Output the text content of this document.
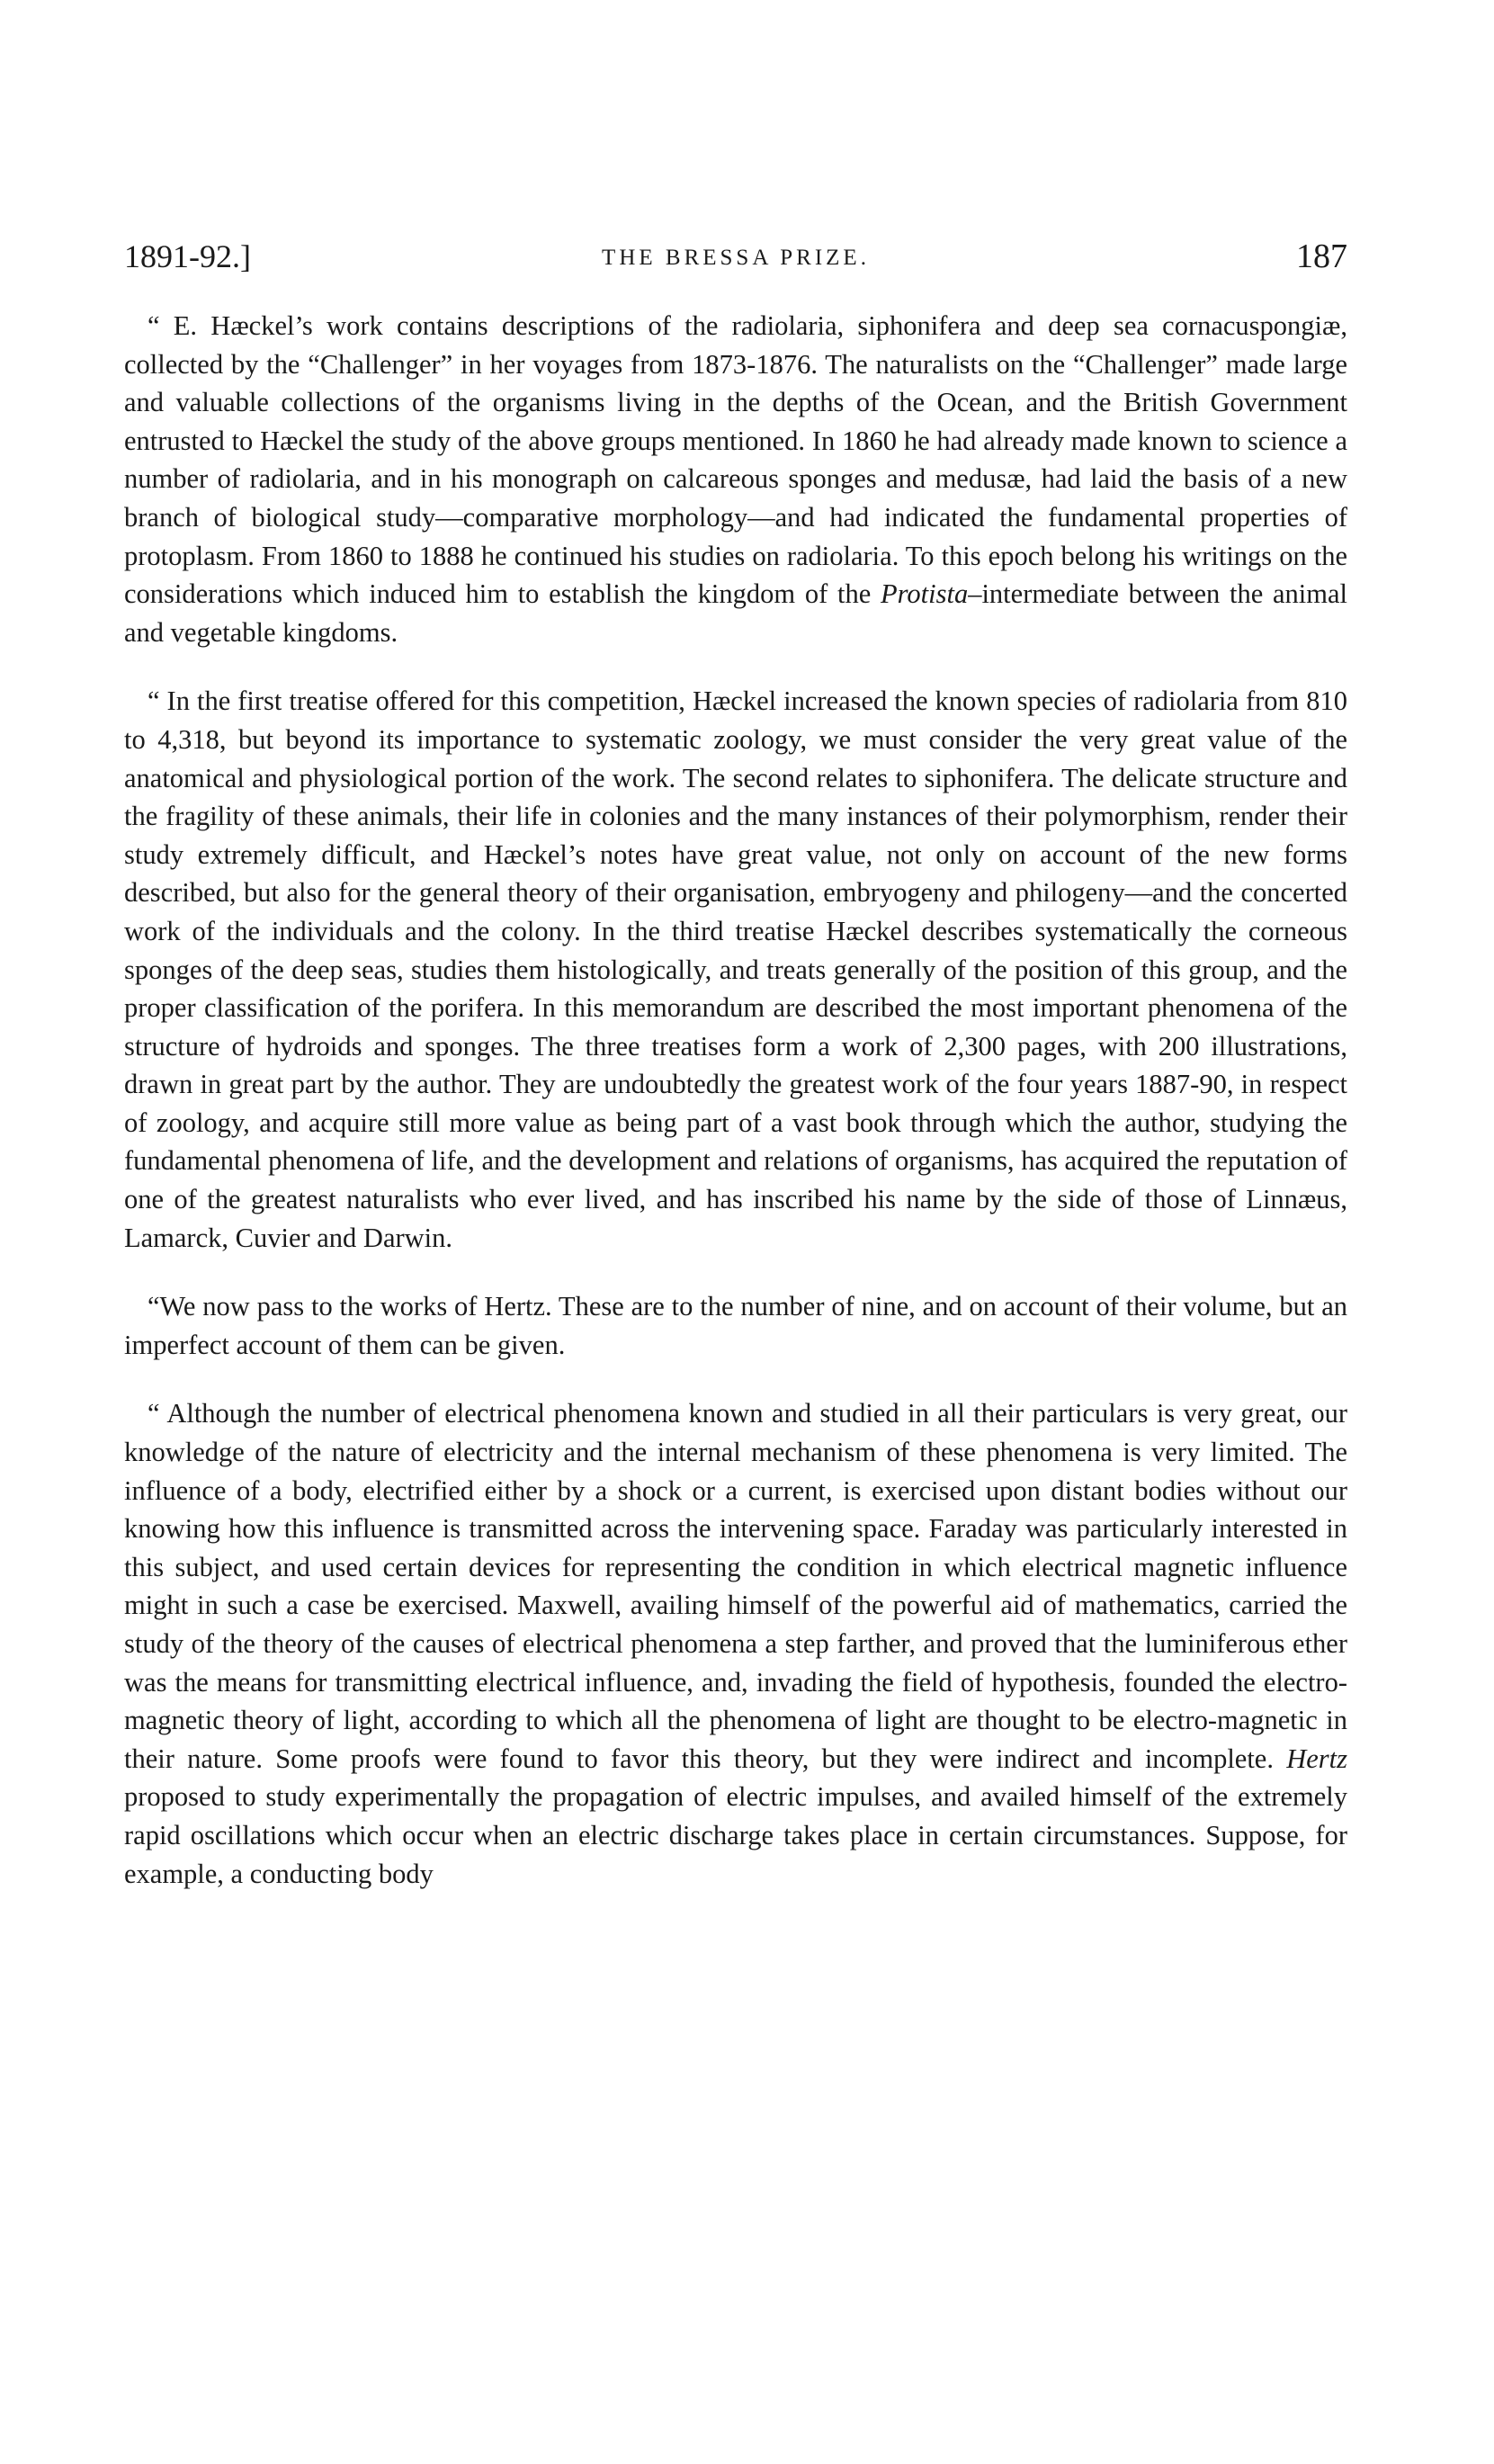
1891-92.]	THE BRESSA PRIZE.	187

“ E. Hæckel’s work contains descriptions of the radiolaria, siphonifera and deep sea cornacuspongiæ, collected by the “Challenger” in her voyages from 1873-1876. The naturalists on the “Challenger” made large and valuable collections of the organisms living in the depths of the Ocean, and the British Government entrusted to Hæckel the study of the above groups mentioned. In 1860 he had already made known to science a number of radiolaria, and in his monograph on calcareous sponges and medusæ, had laid the basis of a new branch of biological study—comparative morphology—and had indicated the fundamental properties of protoplasm. From 1860 to 1888 he continued his studies on radiolaria. To this epoch belong his writings on the considerations which induced him to establish the kingdom of the Protista–intermediate between the animal and vegetable kingdoms.

“ In the first treatise offered for this competition, Hæckel increased the known species of radiolaria from 810 to 4,318, but beyond its importance to systematic zoology, we must consider the very great value of the anatomical and physiological portion of the work. The second relates to siphonifera. The delicate structure and the fragility of these animals, their life in colonies and the many instances of their polymorphism, render their study extremely difficult, and Hæckel’s notes have great value, not only on account of the new forms described, but also for the general theory of their organisation, embryogeny and philogeny—and the concerted work of the individuals and the colony. In the third treatise Hæckel describes systematically the corneous sponges of the deep seas, studies them histologically, and treats generally of the position of this group, and the proper classification of the porifera. In this memorandum are described the most important phenomena of the structure of hydroids and sponges. The three treatises form a work of 2,300 pages, with 200 illustrations, drawn in great part by the author. They are undoubtedly the greatest work of the four years 1887-90, in respect of zoology, and acquire still more value as being part of a vast book through which the author, studying the fundamental phenomena of life, and the development and relations of organisms, has acquired the reputation of one of the greatest naturalists who ever lived, and has inscribed his name by the side of those of Linnæus, Lamarck, Cuvier and Darwin.

“We now pass to the works of Hertz. These are to the number of nine, and on account of their volume, but an imperfect account of them can be given.

“ Although the number of electrical phenomena known and studied in all their particulars is very great, our knowledge of the nature of electricity and the internal mechanism of these phenomena is very limited. The influence of a body, electrified either by a shock or a current, is exercised upon distant bodies without our knowing how this influence is transmitted across the intervening space. Faraday was particularly interested in this subject, and used certain devices for representing the condition in which electrical magnetic influence might in such a case be exercised. Maxwell, availing himself of the powerful aid of mathematics, carried the study of the theory of the causes of electrical phenomena a step farther, and proved that the luminiferous ether was the means for transmitting electrical influence, and, invading the field of hypothesis, founded the electro-magnetic theory of light, according to which all the phenomena of light are thought to be electro-magnetic in their nature. Some proofs were found to favor this theory, but they were indirect and incomplete. Hertz proposed to study experimentally the propagation of electric impulses, and availed himself of the extremely rapid oscillations which occur when an electric discharge takes place in certain circumstances. Suppose, for example, a conducting body
